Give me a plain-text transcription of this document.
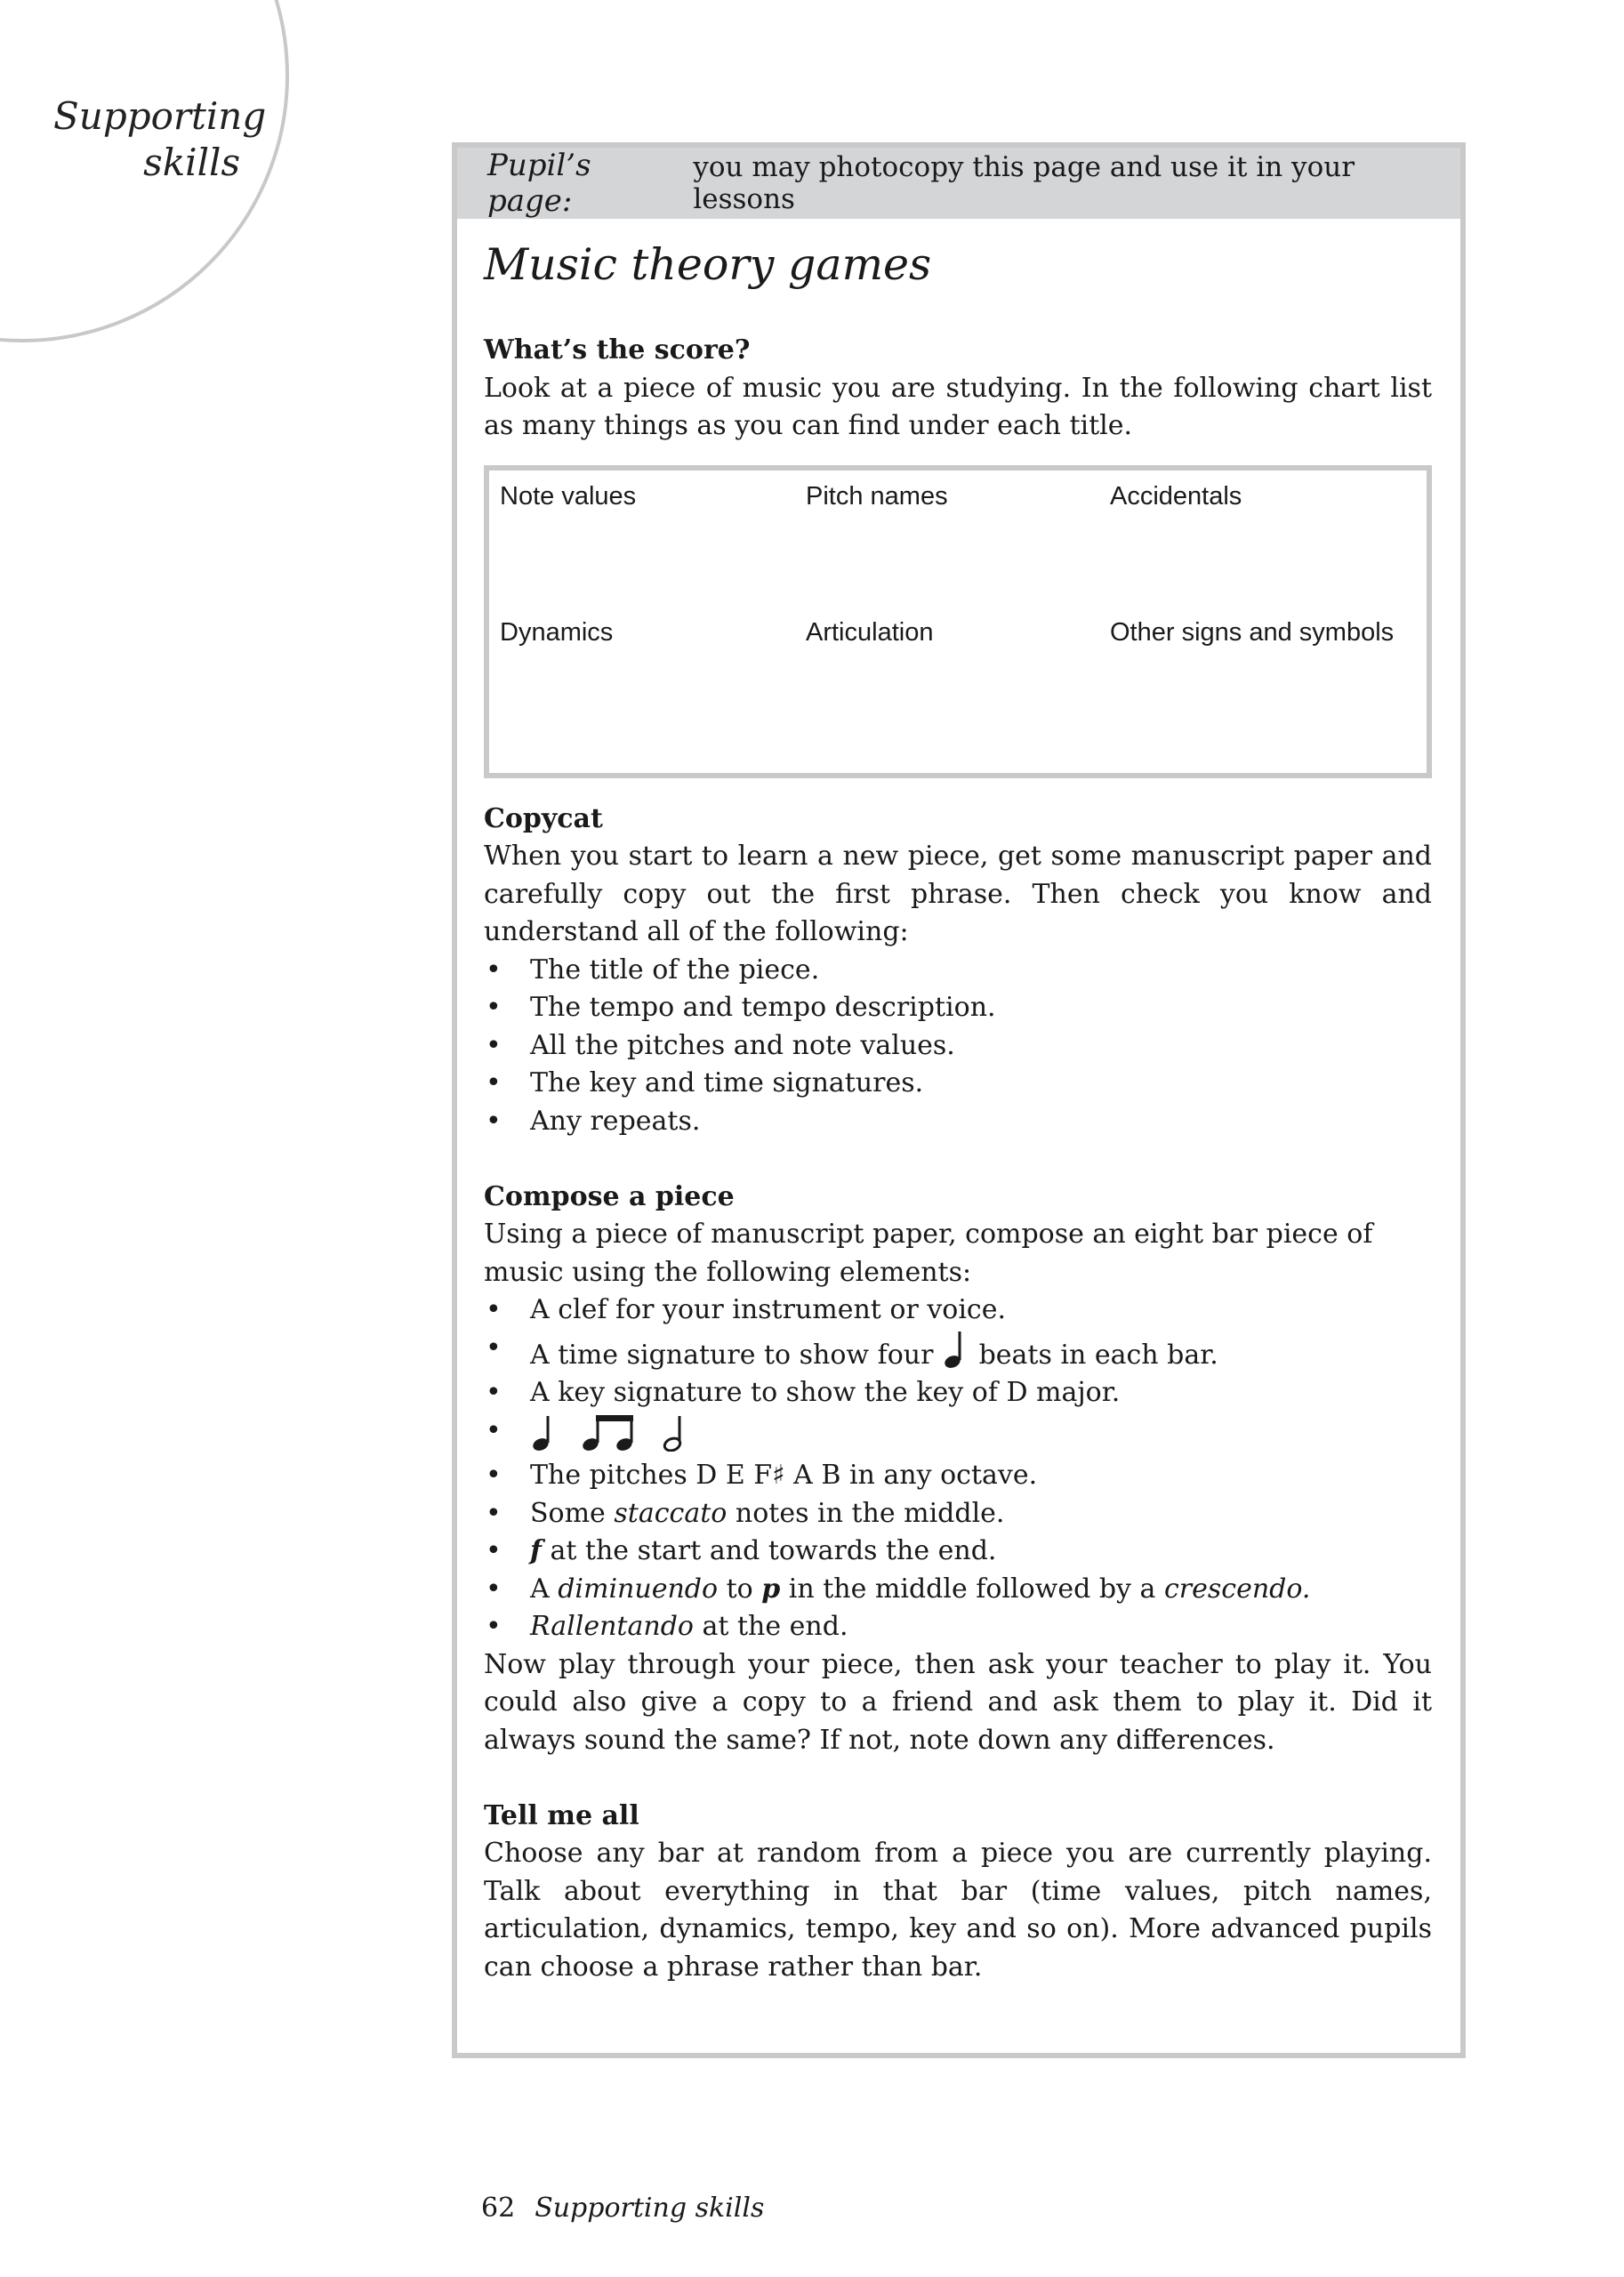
Supporting
skills	Pupil’s page:
you may photocopy this page and use it in your lessons
Music theory games
What’s the score?

Look at a piece of music you are studying. In the following chart list as many things as you can find under each title.

Note values	Pitch names	Accidentals
Dynamics	Articulation	Other signs and symbols
Copycat

When you start to learn a new piece, get some manuscript paper and carefully copy out the first phrase. Then check you know and understand all of the following:

• The title of the piece.
• The tempo and tempo description.
• All the pitches and note values.
• The key and time signatures.
• Any repeats.
Compose a piece

Using a piece of manuscript paper, compose an eight bar piece of music using the following elements:

• A clef for your instrument or voice.
• A time signature to show four beats in each bar.
• A key signature to show the key of D major.
•
• The pitches D E F♯ A B in any octave.
• Some staccato notes in the middle.
• f at the start and towards the end.
• A diminuendo to p in the middle followed by a crescendo.
• Rallentando at the end.

Now play through your piece, then ask your teacher to play it. You could also give a copy to a friend and ask them to play it. Did it always sound the same? If not, note down any differences.

Tell me all

Choose any bar at random from a piece you are currently playing. Talk about everything in that bar (time values, pitch names, articulation, dynamics, tempo, key and so on). More advanced pupils can choose a phrase rather than bar.

62 Supporting skills
